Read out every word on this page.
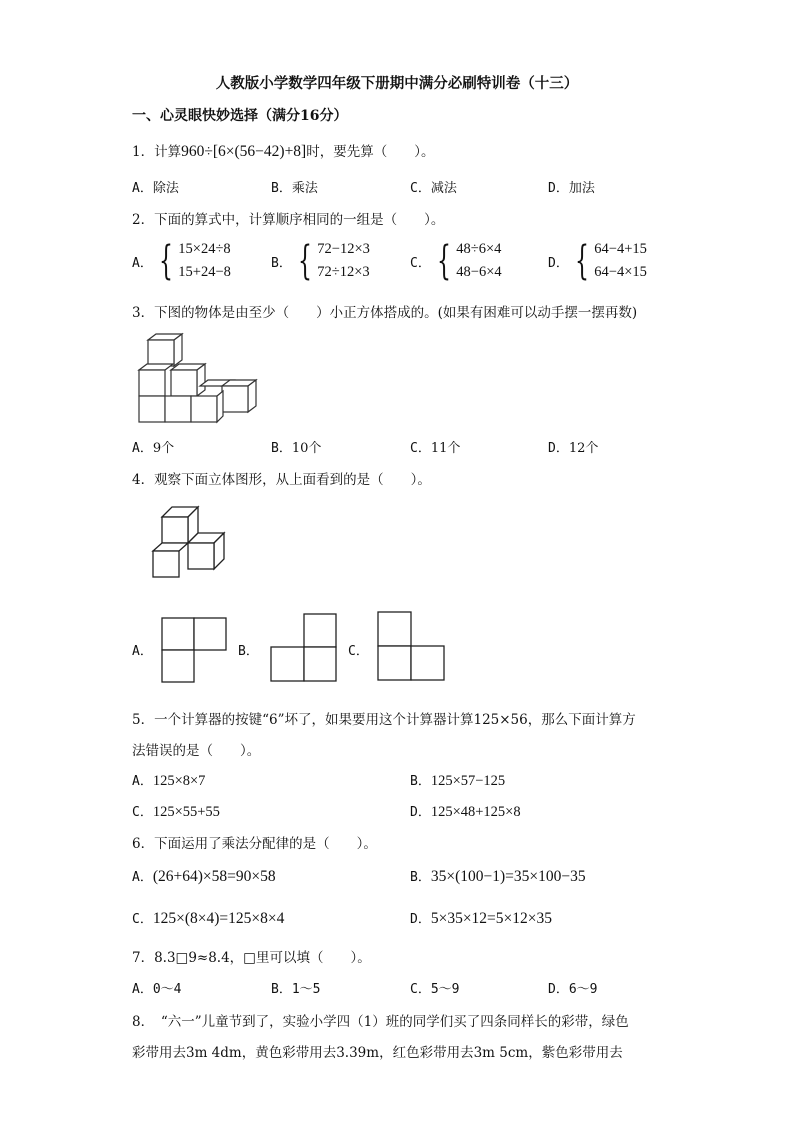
人教版小学数学四年级下册期中满分必刷特训卷（十三）
一、心灵眼快妙选择（满分16分）
1．计算960÷[6×(56−42)+8]时，要先算（　　）。
A．除法	B．乘法	C．减法	D．加法
2．下面的算式中，计算顺序相同的一组是（　　）。
A． { 15×24÷8
15+24−8
B． { 72−12×3
72÷12×3
C． { 48÷6×4
48−6×4
D． { 64−4+15
64−4×15
3．下图的物体是由至少（　　）小正方体搭成的。(如果有困难可以动手摆一摆再数)
A．9个	B．10个	C．11个	D．12个
4．观察下面立体图形，从上面看到的是（　　）。
A．	B．	C．
5．一个计算器的按键“6”坏了，如果要用这个计算器计算125×56，那么下面计算方
法错误的是（　　）。
A．125×8×7	B．125×57−125
C．125×55+55	D．125×48+125×8
6．下面运用了乘法分配律的是（　　）。
A．(26+64)×58=90×58	B．35×(100−1)=35×100−35
C．125×(8×4)=125×8×4	D．5×35×12=5×12×35
7．8.3□9≈8.4，□里可以填（　　）。
A．0～4	B．1～5	C．5～9	D．6～9
8．　“六一”儿童节到了，实验小学四（1）班的同学们买了四条同样长的彩带，绿色
彩带用去3m 4dm，黄色彩带用去3.39m，红色彩带用去3m 5cm，紫色彩带用去
